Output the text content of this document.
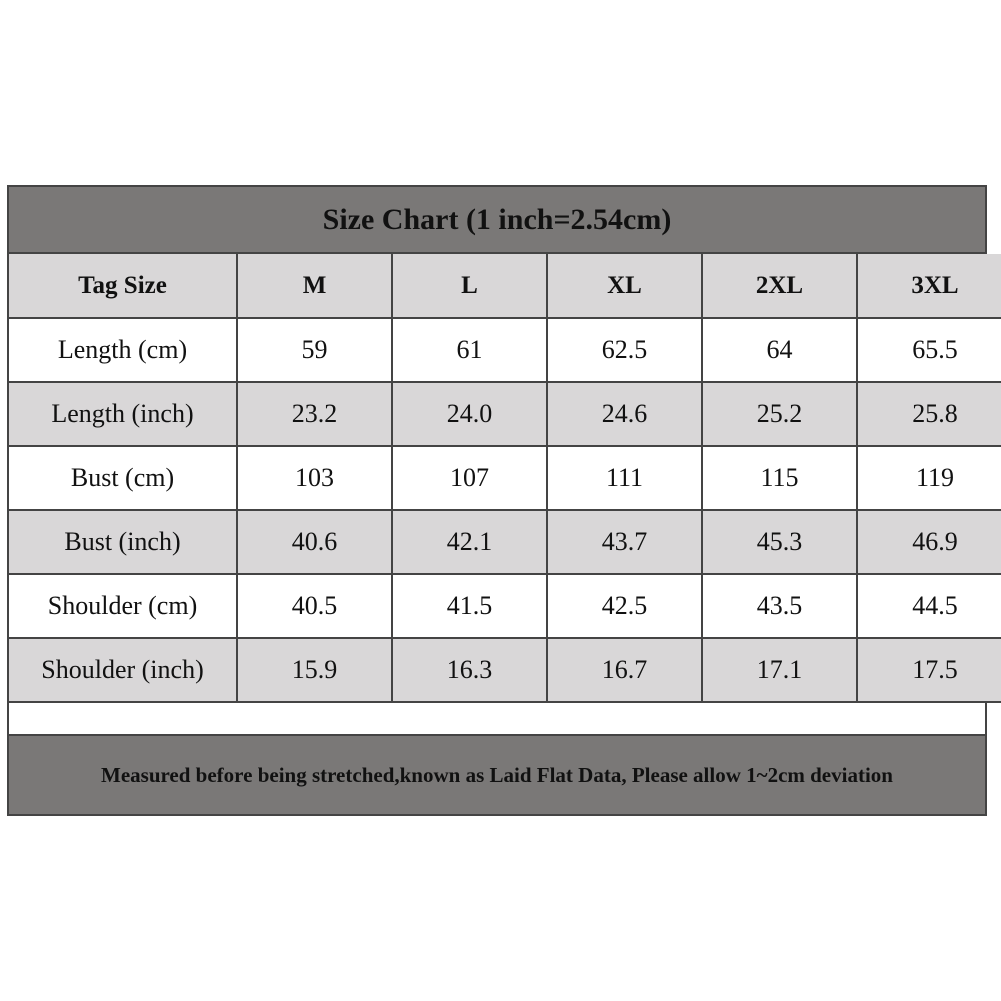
Size Chart (1 inch=2.54cm)
Tag Size	M	L	XL	2XL	3XL
Length (cm)	59	61	62.5	64	65.5
Length (inch)	23.2	24.0	24.6	25.2	25.8
Bust (cm)	103	107	111	115	119
Bust (inch)	40.6	42.1	43.7	45.3	46.9
Shoulder (cm)	40.5	41.5	42.5	43.5	44.5
Shoulder (inch)	15.9	16.3	16.7	17.1	17.5
Measured before being stretched,known as Laid Flat Data, Please allow 1~2cm deviation
